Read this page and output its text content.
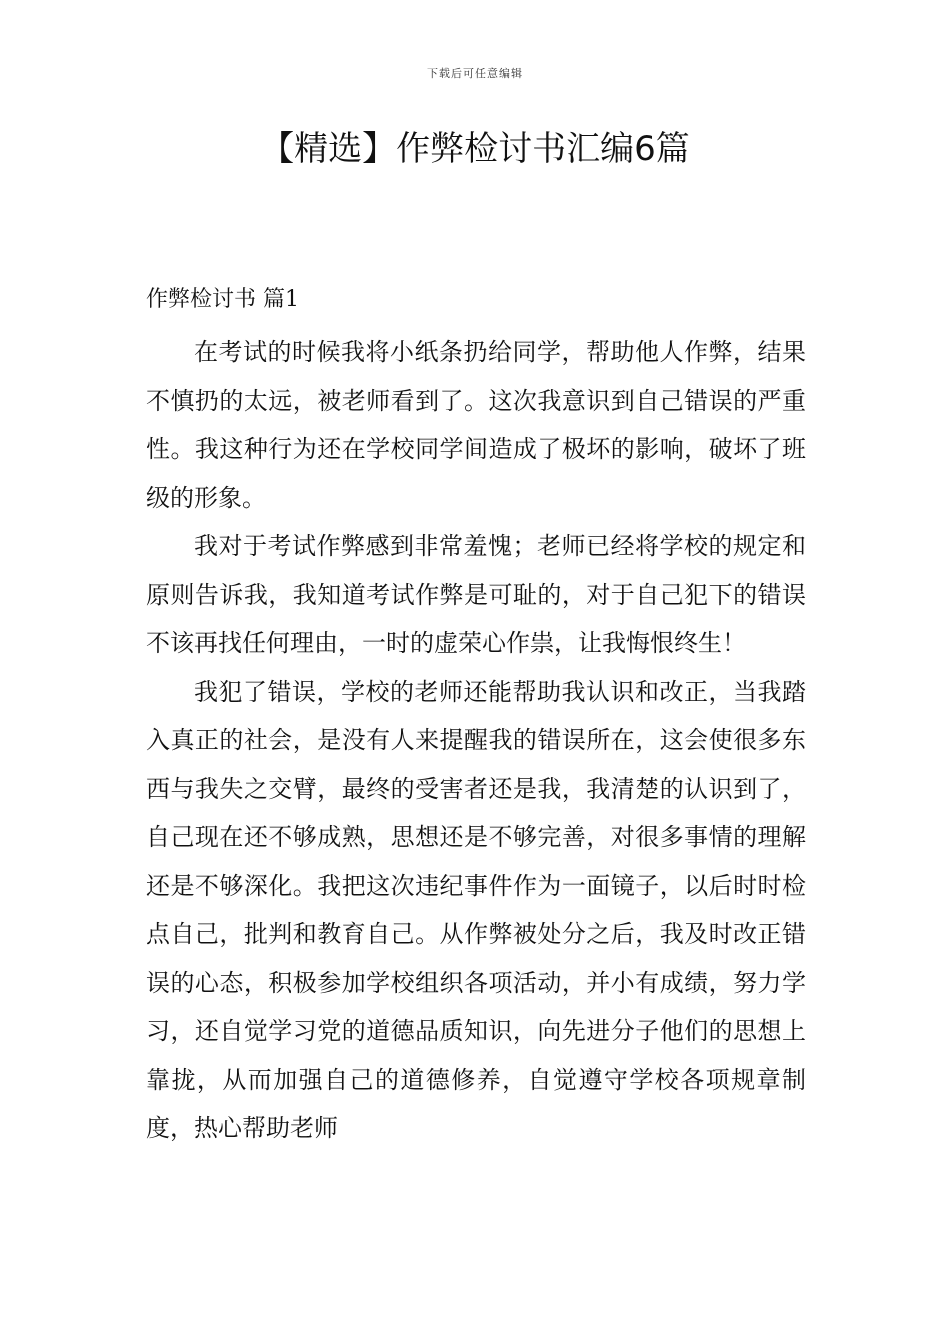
下载后可任意编辑
【精选】作弊检讨书汇编6篇
作弊检讨书 篇1

在考试的时候我将小纸条扔给同学，帮助他人作弊，结果不慎扔的太远，被老师看到了。这次我意识到自己错误的严重性。我这种行为还在学校同学间造成了极坏的影响，破坏了班级的形象。

我对于考试作弊感到非常羞愧；老师已经将学校的规定和原则告诉我，我知道考试作弊是可耻的，对于自己犯下的错误不该再找任何理由，一时的虚荣心作祟，让我悔恨终生！

我犯了错误，学校的老师还能帮助我认识和改正，当我踏入真正的社会，是没有人来提醒我的错误所在，这会使很多东西与我失之交臂，最终的受害者还是我，我清楚的认识到了，自己现在还不够成熟，思想还是不够完善，对很多事情的理解还是不够深化。我把这次违纪事件作为一面镜子，以后时时检点自己，批判和教育自己。从作弊被处分之后，我及时改正错误的心态，积极参加学校组织各项活动，并小有成绩，努力学习，还自觉学习党的道德品质知识，向先进分子他们的思想上靠拢，从而加强自己的道德修养，自觉遵守学校各项规章制度，热心帮助老师
